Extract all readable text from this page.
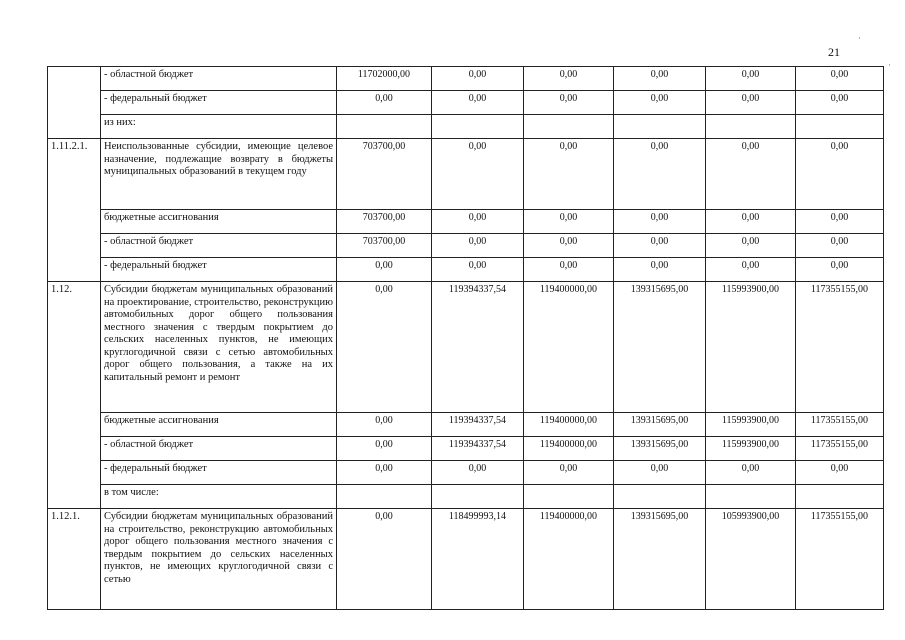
21
·
·
	- областной бюджет	11702000,00	0,00	0,00	0,00	0,00	0,00
	- федеральный бюджет	0,00	0,00	0,00	0,00	0,00	0,00
	из них:						
1.11.2.1.	Неиспользованные субсидии, имеющие целевое назначение, подлежащие возврату в бюджеты муниципальных образований в текущем году	703700,00	0,00	0,00	0,00	0,00	0,00
	бюджетные ассигнования	703700,00	0,00	0,00	0,00	0,00	0,00
	- областной бюджет	703700,00	0,00	0,00	0,00	0,00	0,00
	- федеральный бюджет	0,00	0,00	0,00	0,00	0,00	0,00
1.12.	Субсидии бюджетам муниципальных образований на проектирование, строительство, реконструкцию автомобильных дорог общего пользования местного значения с твердым покрытием до сельских населенных пунктов, не имеющих круглогодичной связи с сетью автомобильных дорог общего пользования, а также на их капитальный ремонт и ремонт	0,00	119394337,54	119400000,00	139315695,00	115993900,00	117355155,00
	бюджетные ассигнования	0,00	119394337,54	119400000,00	139315695,00	115993900,00	117355155,00
	- областной бюджет	0,00	119394337,54	119400000,00	139315695,00	115993900,00	117355155,00
	- федеральный бюджет	0,00	0,00	0,00	0,00	0,00	0,00
	в том числе:						
1.12.1.	Субсидии бюджетам муниципальных образований на строительство, реконструкцию автомобильных дорог общего пользования местного значения с твердым покрытием до сельских населенных пунктов, не имеющих круглогодичной связи с сетью	0,00	118499993,14	119400000,00	139315695,00	105993900,00	117355155,00
